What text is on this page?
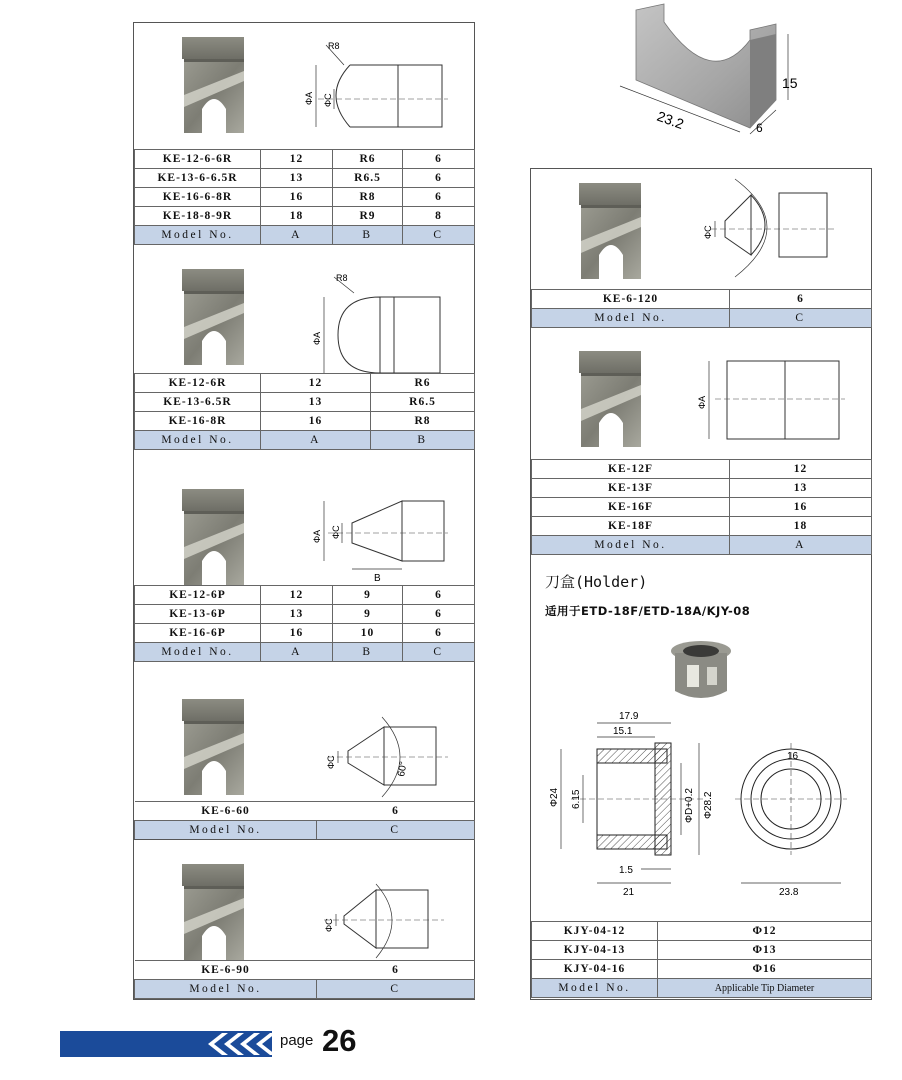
15
23.2	6
R8
ΦA ΦC
KE-12-6-6R	12	R6	6
KE-13-6-6.5R	13	R6.5	6
KE-16-6-8R	16	R8	6
KE-18-8-9R	18	R9	8
Model No.	A	B	C
R8
ΦA
KE-12-6R	12	R6
KE-13-6.5R	13	R6.5
KE-16-8R	16	R8
Model No.	A	B
ΦA ΦC
B
KE-12-6P	12	9	6
KE-13-6P	13	9	6
KE-16-6P	16	10	6
Model No.	A	B	C
ΦC	60°
KE-6-60	6
Model No.	C
ΦC
KE-6-90	6
Model No.	C
ΦC
KE-6-120	6
Model No.	C
ΦA
KE-12F	12
KE-13F	13
KE-16F	16
KE-18F	18
Model No.	A
刀盒(Holder)
适用于ETD-18F/ETD-18A/KJY-08
17.9
15.1
Φ24 6.15	ΦD+0.2 Φ28.2
1.5
21
16
23.8
KJY-04-12	Φ12
KJY-04-13	Φ13
KJY-04-16	Φ16
Model No.	Applicable Tip Diameter
page 26
